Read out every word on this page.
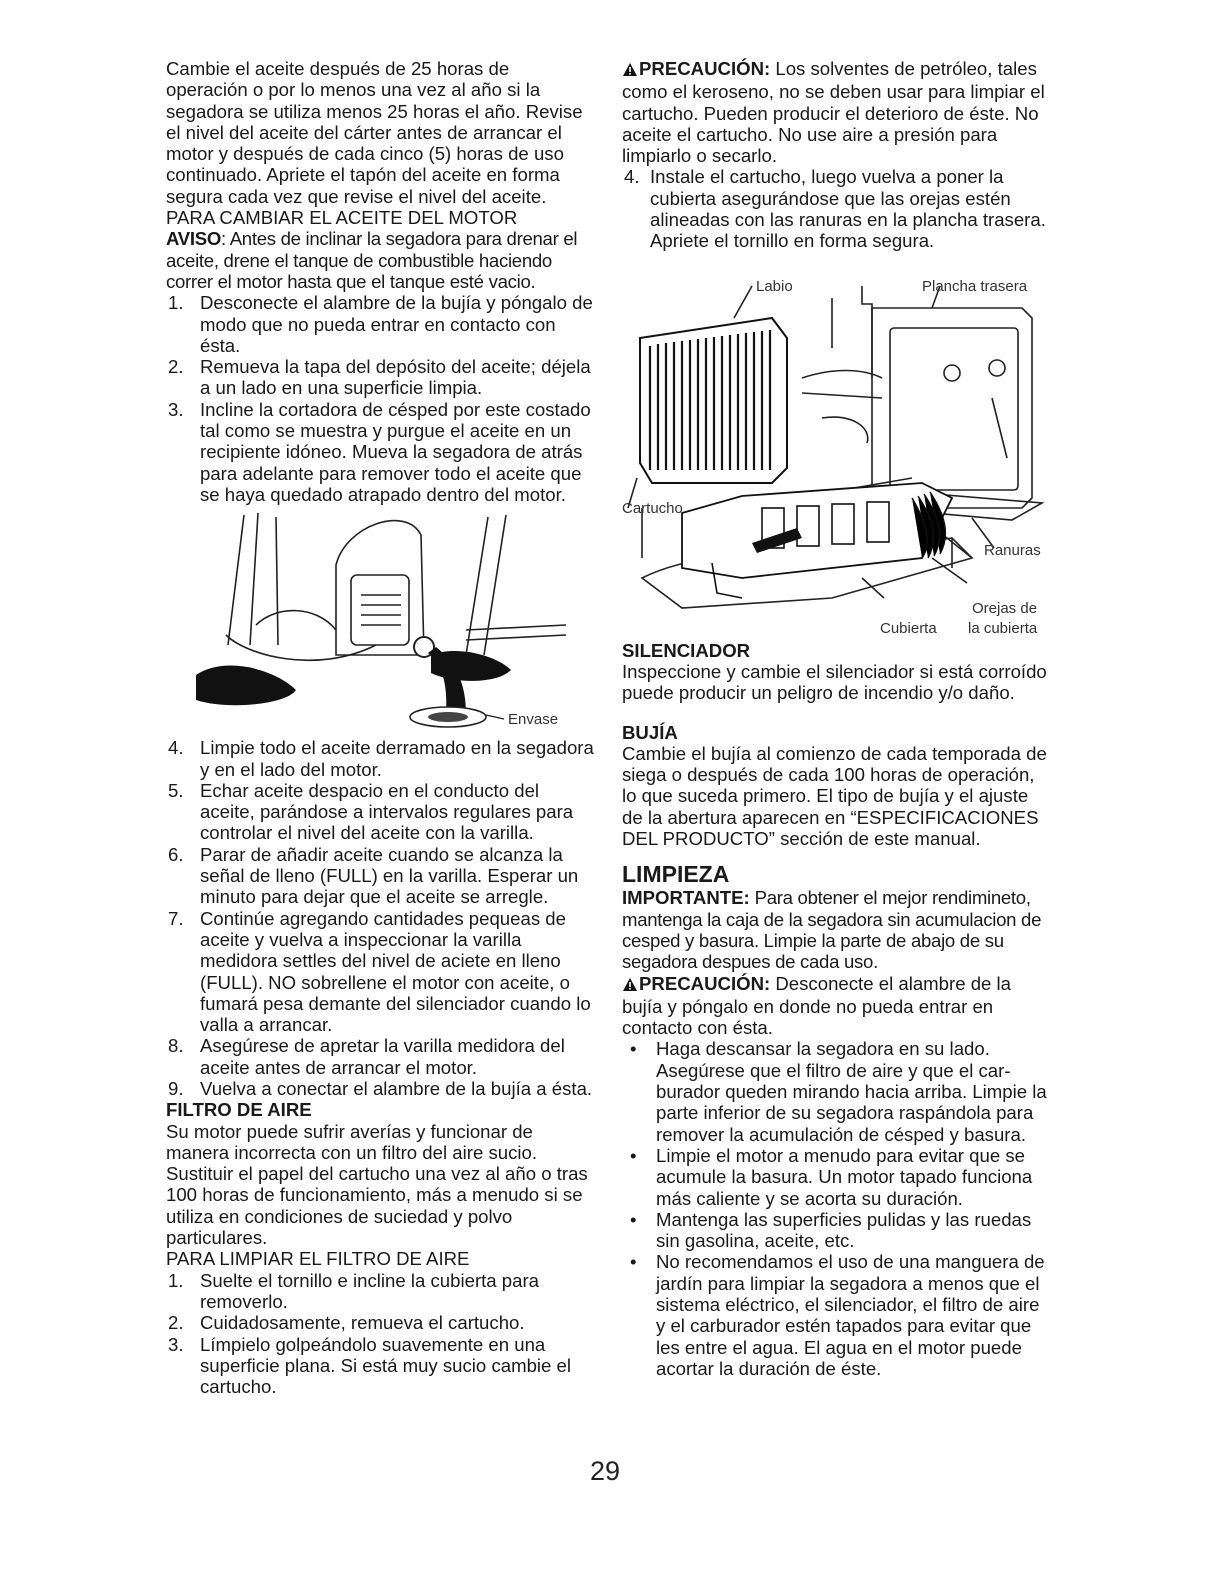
Cambie el aceite después de 25 horas de operación o por lo menos una vez al año si la segadora se utiliza menos 25 horas el año. Revise el nivel del aceite del cárter antes de arrancar el motor y después de cada cinco (5) horas de uso continuado. Apriete el tapón del aceite en forma segura cada vez que revise el nivel del aceite.

PARA CAMBIAR EL ACEITE DEL MOTOR

AVISO: Antes de inclinar la segadora para drenar el aceite, drene el tanque de combustible haciendo correr el motor hasta que el tanque esté vacio.

1. Desconecte el alambre de la bujía y póngalo de modo que no pueda entrar en contacto con ésta.
2. Remueva la tapa del depósito del aceite; déjela a un lado en una superficie limpia.
3. Incline la cortadora de césped por este costado tal como se muestra y purgue el aceite en un recipiente idóneo. Mueva la segadora de atrás para adelante para remover todo el aceite que se haya quedado atrapado dentro del motor.
Envase
4. Limpie todo el aceite derramado en la segadora y en el lado del motor.
5. Echar aceite despacio en el conducto del aceite, parándose a intervalos regulares para controlar el nivel del aceite con la varilla.
6. Parar de añadir aceite cuando se alcanza la señal de lleno (FULL) en la varilla. Esperar un minuto para dejar que el aceite se arregle.
7. Continúe agregando cantidades pequeas de aceite y vuelva a inspeccionar la varilla medidora settles del nivel de aciete en lleno (FULL). NO sobrellene el motor con aceite, o fumará pesa demante del silenciador cuando lo valla a arrancar.
8. Asegúrese de apretar la varilla medidora del aceite antes de arrancar el motor.
9. Vuelva a conectar el alambre de la bujía a ésta.

FILTRO DE AIRE

Su motor puede sufrir averías y funcionar de manera incorrecta con un filtro del aire sucio. Sustituir el papel del cartucho una vez al año o tras 100 horas de funcionamiento, más a menudo si se utiliza en condiciones de suciedad y polvo particulares.

PARA LIMPIAR EL FILTRO DE AIRE

1. Suelte el tornillo e incline la cubierta para removerlo.
2. Cuidadosamente, remueva el cartucho.
3. Límpielo golpeándolo suavemente en una superficie plana. Si está muy sucio cambie el cartucho.

PRECAUCIÓN: Los solventes de petróleo, tales como el keroseno, no se deben usar para limpiar el cartucho. Pueden producir el deterioro de éste. No aceite el cartucho. No use aire a presión para limpiarlo o secarlo.

4. Instale el cartucho, luego vuelva a poner la cubierta asegurándose que las orejas estén alineadas con las ranuras en la plancha trasera. Apriete el tornillo en forma segura.
Labio	Plancha trasera
Cartucho
Ranuras
Orejas de
la cubierta
Cubierta

SILENCIADOR

Inspeccione y cambie el silenciador si está corroído puede producir un peligro de incendio y/o daño.

BUJÍA

Cambie el bujía al comienzo de cada temporada de siega o después de cada 100 horas de operación, lo que suceda primero. El tipo de bujía y el ajuste de la abertura aparecen en “ESPECIFICACIONES DEL PRODUCTO” sección de este manual.

LIMPIEZA

IMPORTANTE: Para obtener el mejor rendimineto, mantenga la caja de la segadora sin acumulacion de cesped y basura. Limpie la parte de abajo de su segadora despues de cada uso.

PRECAUCIÓN: Desconecte el alambre de la bujía y póngalo en donde no pueda entrar en contacto con ésta.

• Haga descansar la segadora en su lado. Asegúrese que el filtro de aire y que el carburador queden mirando hacia arriba. Limpie la parte inferior de su segadora raspándola para remover la acumulación de césped y basura.
• Limpie el motor a menudo para evitar que se acumule la basura. Un motor tapado funciona más caliente y se acorta su duración.
• Mantenga las superficies pulidas y las ruedas sin gasolina, aceite, etc.
• No recomendamos el uso de una manguera de jardín para limpiar la segadora a menos que el sistema eléctrico, el silenciador, el filtro de aire y el carburador estén tapados para evitar que les entre el agua. El agua en el motor puede acortar la duración de éste.
29
